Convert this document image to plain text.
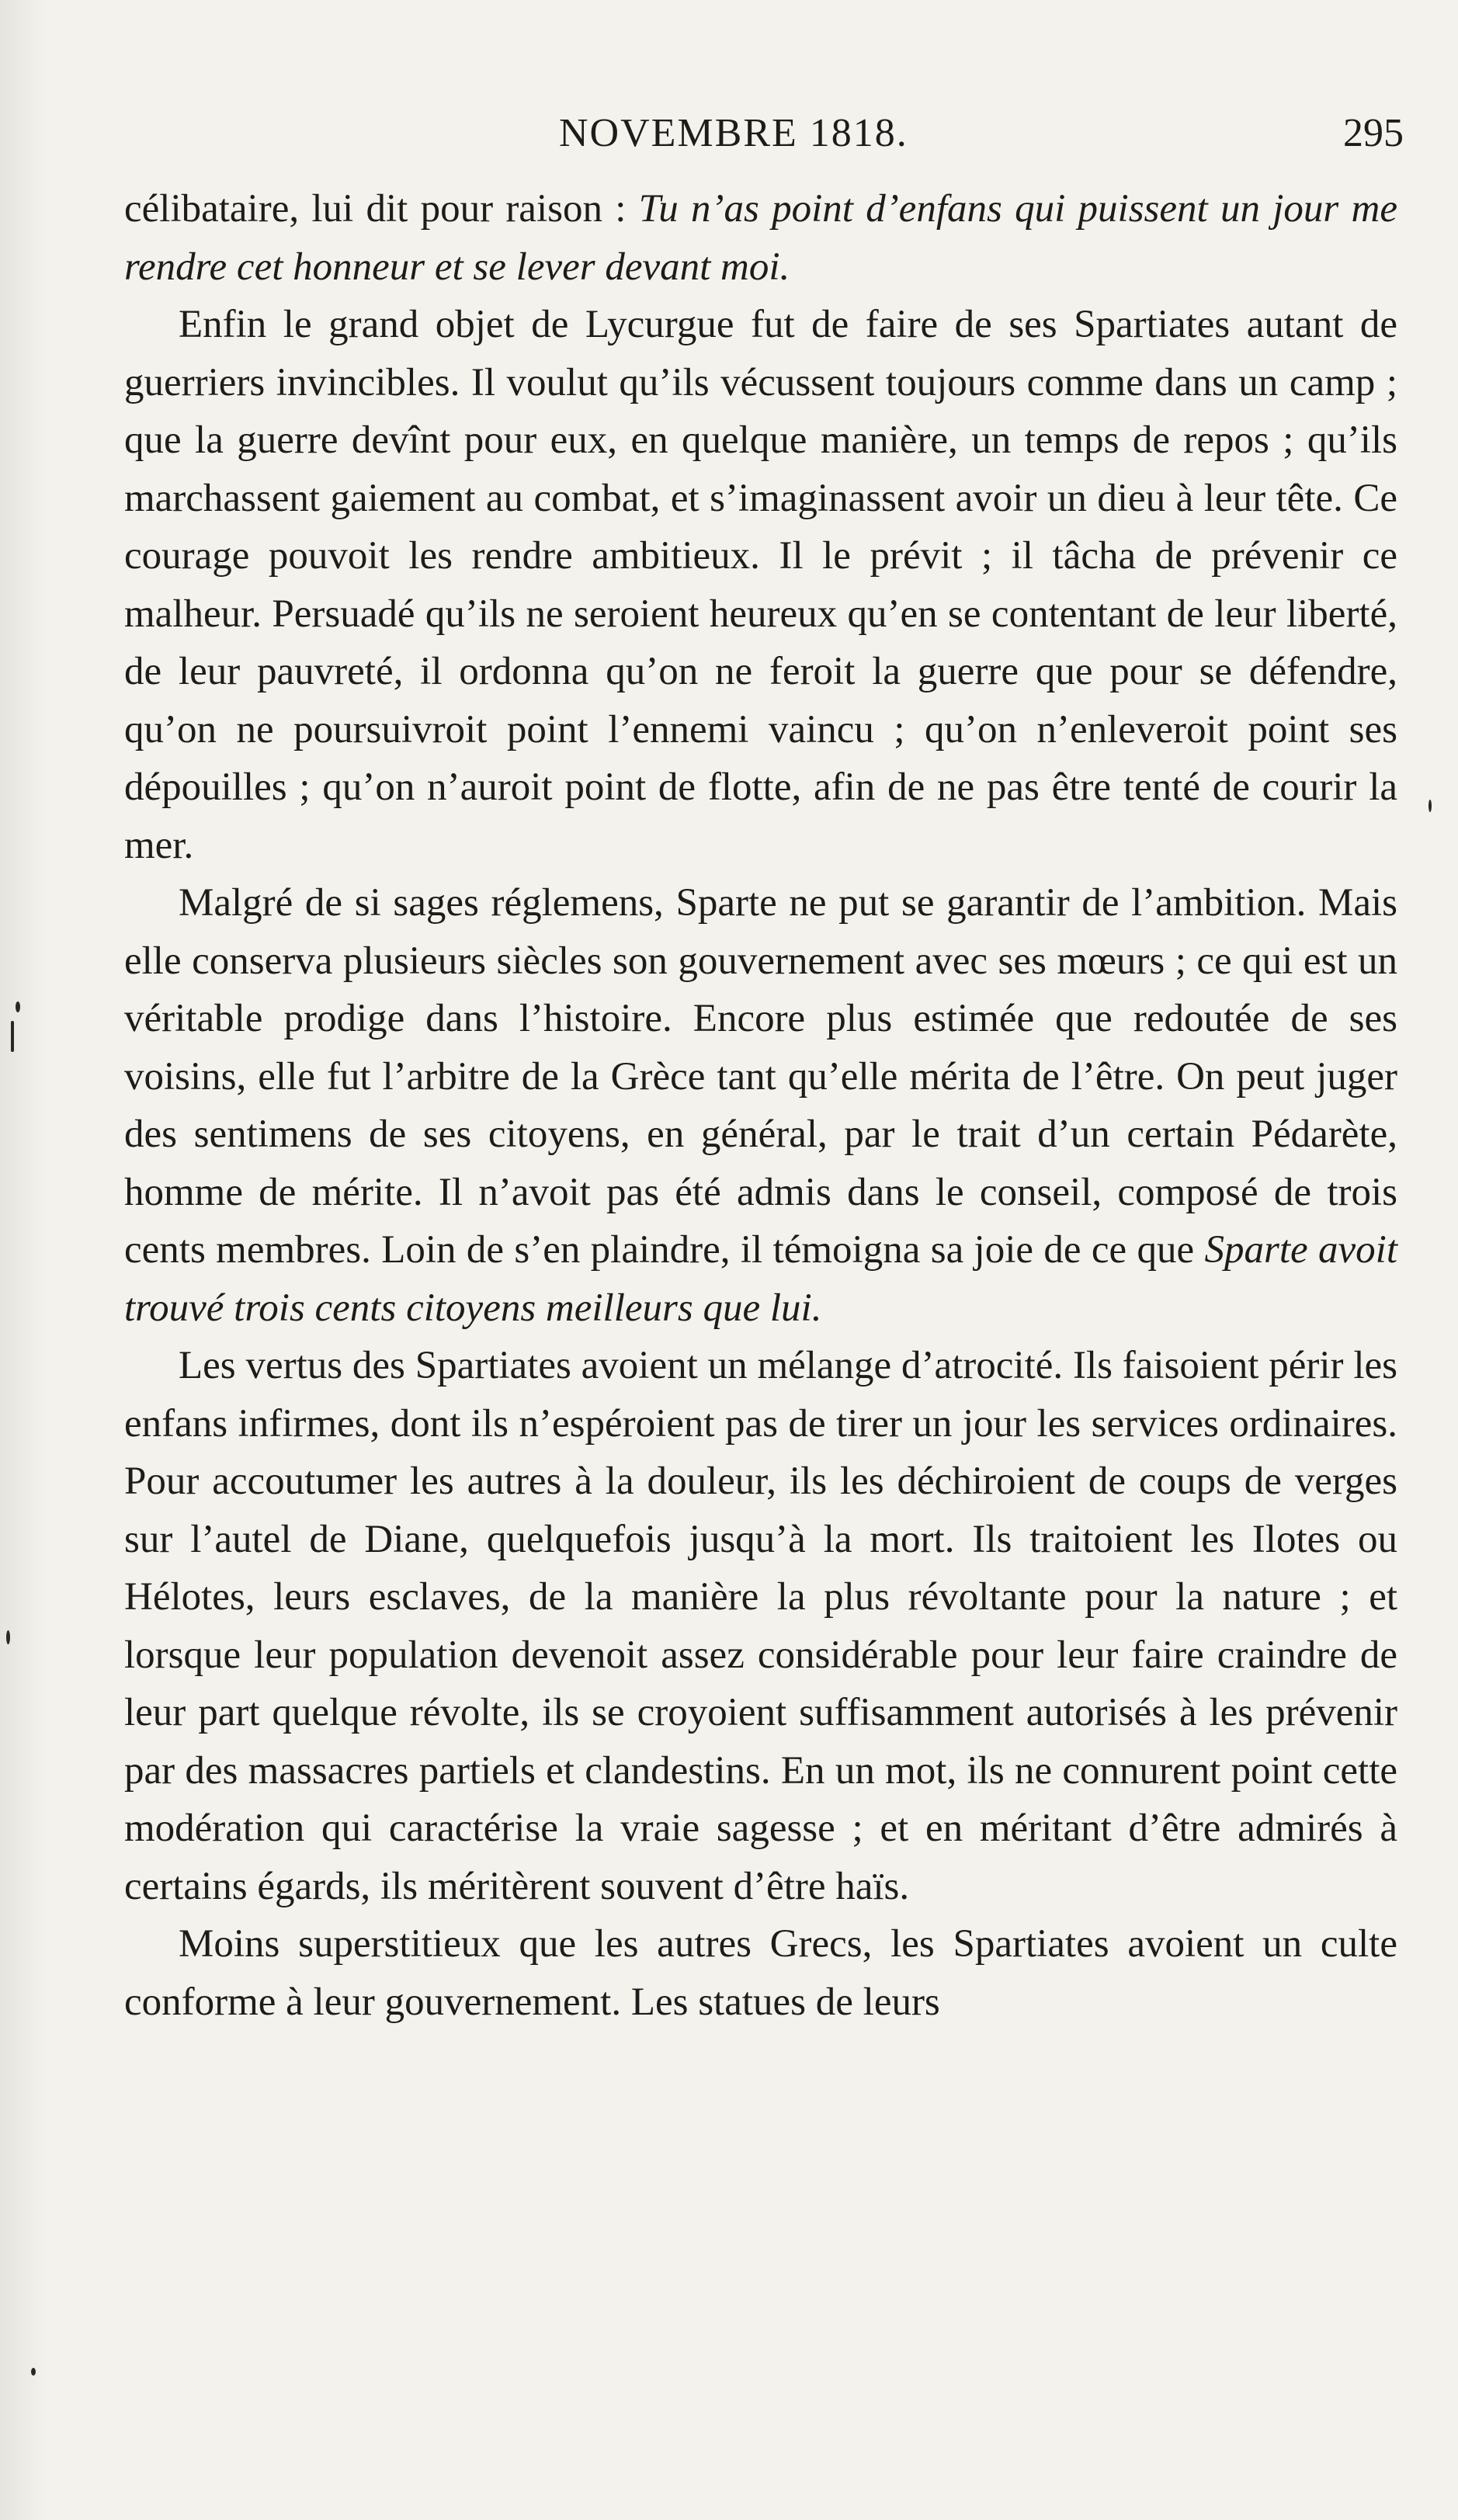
NOVEMBRE 1818.	295

célibataire, lui dit pour raison : Tu n’as point d’enfans qui puissent un jour me rendre cet honneur et se lever devant moi.

Enfin le grand objet de Lycurgue fut de faire de ses Spartiates autant de guerriers invincibles. Il voulut qu’ils vécussent toujours comme dans un camp ; que la guerre devînt pour eux, en quelque manière, un temps de repos ; qu’ils marchassent gaiement au combat, et s’imaginassent avoir un dieu à leur tête. Ce courage pouvoit les rendre ambitieux. Il le prévit ; il tâcha de prévenir ce malheur. Persuadé qu’ils ne seroient heureux qu’en se contentant de leur liberté, de leur pauvreté, il ordonna qu’on ne feroit la guerre que pour se défendre, qu’on ne poursuivroit point l’ennemi vaincu ; qu’on n’enleveroit point ses dépouilles ; qu’on n’auroit point de flotte, afin de ne pas être tenté de courir la mer.

Malgré de si sages réglemens, Sparte ne put se garantir de l’ambition. Mais elle conserva plusieurs siècles son gouvernement avec ses mœurs ; ce qui est un véritable prodige dans l’histoire. Encore plus estimée que redoutée de ses voisins, elle fut l’arbitre de la Grèce tant qu’elle mérita de l’être. On peut juger des sentimens de ses citoyens, en général, par le trait d’un certain Pédarète, homme de mérite. Il n’avoit pas été admis dans le conseil, composé de trois cents membres. Loin de s’en plaindre, il témoigna sa joie de ce que Sparte avoit trouvé trois cents citoyens meilleurs que lui.

Les vertus des Spartiates avoient un mélange d’atrocité. Ils faisoient périr les enfans infirmes, dont ils n’espéroient pas de tirer un jour les services ordinaires. Pour accoutumer les autres à la douleur, ils les déchiroient de coups de verges sur l’autel de Diane, quelquefois jusqu’à la mort. Ils traitoient les Ilotes ou Hélotes, leurs esclaves, de la manière la plus révoltante pour la nature ; et lorsque leur population devenoit assez considérable pour leur faire craindre de leur part quelque révolte, ils se croyoient suffisamment autorisés à les prévenir par des massacres partiels et clandestins. En un mot, ils ne connurent point cette modération qui caractérise la vraie sagesse ; et en méritant d’être admirés à certains égards, ils méritèrent souvent d’être haïs.

Moins superstitieux que les autres Grecs, les Spartiates avoient un culte conforme à leur gouvernement. Les statues de leurs
